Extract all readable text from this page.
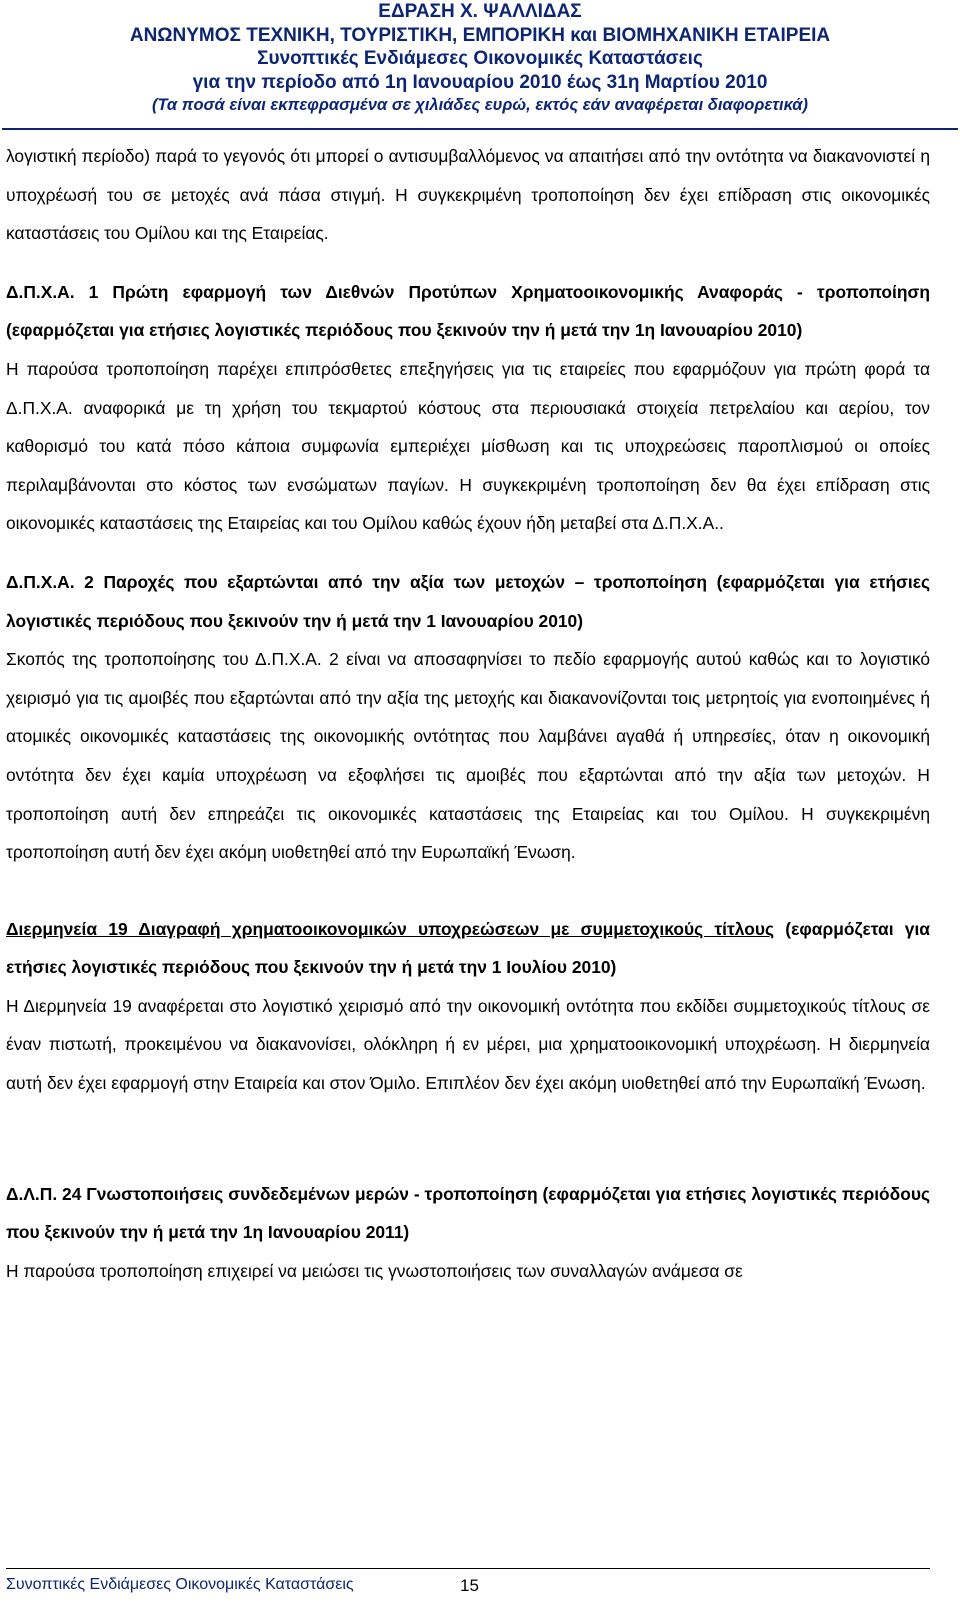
ΕΔΡΑΣΗ Χ. ΨΑΛΛΙΔΑΣ
ΑΝΩΝΥΜΟΣ ΤΕΧΝΙΚΗ, ΤΟΥΡΙΣΤΙΚΗ, ΕΜΠΟΡΙΚΗ και ΒΙΟΜΗΧΑΝΙΚΗ ΕΤΑΙΡΕΙΑ
Συνοπτικές Ενδιάμεσες Οικονομικές Καταστάσεις
για την περίοδο από 1η Ιανουαρίου 2010 έως 31η Μαρτίου 2010
(Τα ποσά είναι εκπεφρασμένα σε χιλιάδες ευρώ, εκτός εάν αναφέρεται διαφορετικά)

λογιστική περίοδο) παρά το γεγονός ότι μπορεί ο αντισυμβαλλόμενος να απαιτήσει από την οντότητα να διακανονιστεί η υποχρέωσή του σε μετοχές ανά πάσα στιγμή. Η συγκεκριμένη τροποποίηση δεν έχει επίδραση στις οικονομικές καταστάσεις του Ομίλου και της Εταιρείας.

Δ.Π.Χ.Α. 1 Πρώτη εφαρμογή των Διεθνών Προτύπων Χρηματοοικονομικής Αναφοράς - τροποποίηση (εφαρμόζεται για ετήσιες λογιστικές περιόδους που ξεκινούν την ή μετά την 1η Ιανουαρίου 2010)

Η παρούσα τροποποίηση παρέχει επιπρόσθετες επεξηγήσεις για τις εταιρείες που εφαρμόζουν για πρώτη φορά τα Δ.Π.Χ.Α. αναφορικά με τη χρήση του τεκμαρτού κόστους στα περιουσιακά στοιχεία πετρελαίου και αερίου, τον καθορισμό του κατά πόσο κάποια συμφωνία εμπεριέχει μίσθωση και τις υποχρεώσεις παροπλισμού οι οποίες περιλαμβάνονται στο κόστος των ενσώματων παγίων. Η συγκεκριμένη τροποποίηση δεν θα έχει επίδραση στις οικονομικές καταστάσεις της Εταιρείας και του Ομίλου καθώς έχουν ήδη μεταβεί στα Δ.Π.Χ.Α..

Δ.Π.Χ.Α. 2 Παροχές που εξαρτώνται από την αξία των μετοχών – τροποποίηση (εφαρμόζεται για ετήσιες λογιστικές περιόδους που ξεκινούν την ή μετά την 1 Ιανουαρίου 2010)

Σκοπός της τροποποίησης του Δ.Π.Χ.Α. 2 είναι να αποσαφηνίσει το πεδίο εφαρμογής αυτού καθώς και το λογιστικό χειρισμό για τις αμοιβές που εξαρτώνται από την αξία της μετοχής και διακανονίζονται τοις μετρητοίς για ενοποιημένες ή ατομικές οικονομικές καταστάσεις της οικονομικής οντότητας που λαμβάνει αγαθά ή υπηρεσίες, όταν η οικονομική οντότητα δεν έχει καμία υποχρέωση να εξοφλήσει τις αμοιβές που εξαρτώνται από την αξία των μετοχών. Η τροποποίηση αυτή δεν επηρεάζει τις οικονομικές καταστάσεις της Εταιρείας και του Ομίλου. Η συγκεκριμένη τροποποίηση αυτή δεν έχει ακόμη υιοθετηθεί από την Ευρωπαϊκή Ένωση.

Διερμηνεία 19 Διαγραφή χρηματοοικονομικών υποχρεώσεων με συμμετοχικούς τίτλους (εφαρμόζεται για ετήσιες λογιστικές περιόδους που ξεκινούν την ή μετά την 1 Ιουλίου 2010)

Η Διερμηνεία 19 αναφέρεται στο λογιστικό χειρισμό από την οικονομική οντότητα που εκδίδει συμμετοχικούς τίτλους σε έναν πιστωτή, προκειμένου να διακανονίσει, ολόκληρη ή εν μέρει, μια χρηματοοικονομική υποχρέωση. Η διερμηνεία αυτή δεν έχει εφαρμογή στην Εταιρεία και στον Όμιλο. Επιπλέον δεν έχει ακόμη υιοθετηθεί από την Ευρωπαϊκή Ένωση.

Δ.Λ.Π. 24 Γνωστοποιήσεις συνδεδεμένων μερών - τροποποίηση (εφαρμόζεται για ετήσιες λογιστικές περιόδους που ξεκινούν την ή μετά την 1η Ιανουαρίου 2011)

Η παρούσα τροποποίηση επιχειρεί να μειώσει τις γνωστοποιήσεις των συναλλαγών ανάμεσα σε

Συνοπτικές Ενδιάμεσες Οικονομικές Καταστάσεις	15
